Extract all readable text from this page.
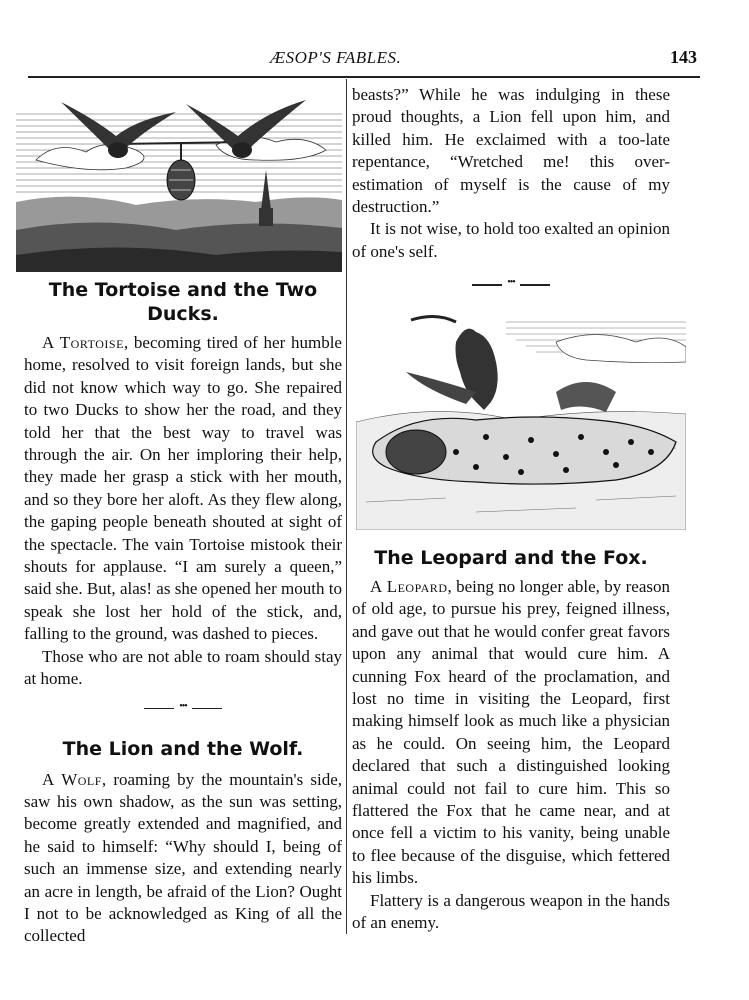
ÆSOP'S FABLES.	143
The Tortoise and the Two Ducks.

A Tortoise, becoming tired of her humble home, resolved to visit foreign lands, but she did not know which way to go. She repaired to two Ducks to show her the road, and they told her that the best way to travel was through the air. On her imploring their help, they made her grasp a stick with her mouth, and so they bore her aloft. As they flew along, the gaping people beneath shouted at sight of the spectacle. The vain Tortoise mistook their shouts for applause. “I am surely a queen,” said she. But, alas! as she opened her mouth to speak she lost her hold of the stick, and, falling to the ground, was dashed to pieces.

Those who are not able to roam should stay at home.

•••
The Lion and the Wolf.

A Wolf, roaming by the mountain's side, saw his own shadow, as the sun was setting, become greatly extended and magnified, and he said to himself: “Why should I, being of such an immense size, and extending nearly an acre in length, be afraid of the Lion? Ought I not to be acknowledged as King of all the collected

beasts?” While he was indulging in these proud thoughts, a Lion fell upon him, and killed him. He exclaimed with a too-late repentance, “Wretched me! this over-estimation of myself is the cause of my destruction.”

It is not wise, to hold too exalted an opinion of one's self.

•••
The Leopard and the Fox.

A Leopard, being no longer able, by reason of old age, to pursue his prey, feigned illness, and gave out that he would confer great favors upon any animal that would cure him. A cunning Fox heard of the proclamation, and lost no time in visiting the Leopard, first making himself look as much like a physician as he could. On seeing him, the Leopard declared that such a distinguished looking animal could not fail to cure him. This so flattered the Fox that he came near, and at once fell a victim to his vanity, being unable to flee because of the disguise, which fettered his limbs.

Flattery is a dangerous weapon in the hands of an enemy.
